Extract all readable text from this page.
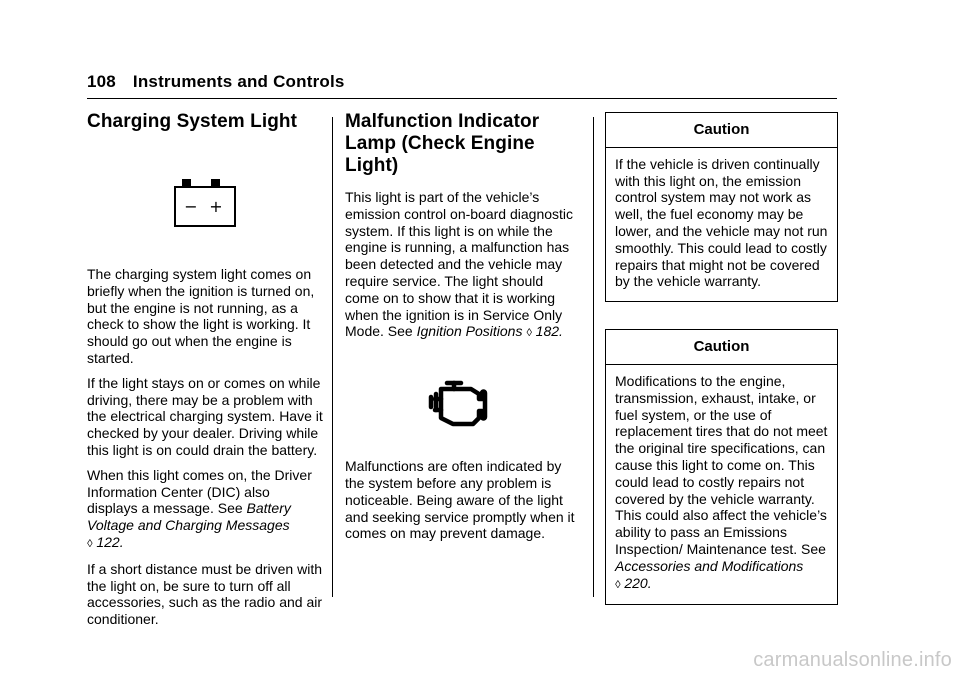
108 Instruments and Controls
Charging System Light
− +

The charging system light comes on briefly when the ignition is turned on, but the engine is not running, as a check to show the light is working. It should go out when the engine is started.

If the light stays on or comes on while driving, there may be a problem with the electrical charging system. Have it checked by your dealer. Driving while this light is on could drain the battery.

When this light comes on, the Driver Information Center (DIC) also displays a message. See Battery Voltage and Charging Messages ◊ 122.

If a short distance must be driven with the light on, be sure to turn off all accessories, such as the radio and air conditioner.

Malfunction Indicator Lamp (Check Engine Light)

This light is part of the vehicle’s emission control on-board diagnostic system. If this light is on while the engine is running, a malfunction has been detected and the vehicle may require service. The light should come on to show that it is working when the ignition is in Service Only Mode. See Ignition Positions ◊ 182.

Malfunctions are often indicated by the system before any problem is noticeable. Being aware of the light and seeking service promptly when it comes on may prevent damage.

Caution
If the vehicle is driven continually with this light on, the emission control system may not work as well, the fuel economy may be lower, and the vehicle may not run smoothly. This could lead to costly repairs that might not be covered by the vehicle warranty.
Caution
Modifications to the engine, transmission, exhaust, intake, or fuel system, or the use of replacement tires that do not meet the original tire specifications, can cause this light to come on. This could lead to costly repairs not covered by the vehicle warranty. This could also affect the vehicle’s ability to pass an Emissions Inspection/ Maintenance test. See Accessories and Modifications ◊ 220.
carmanualsonline.info
